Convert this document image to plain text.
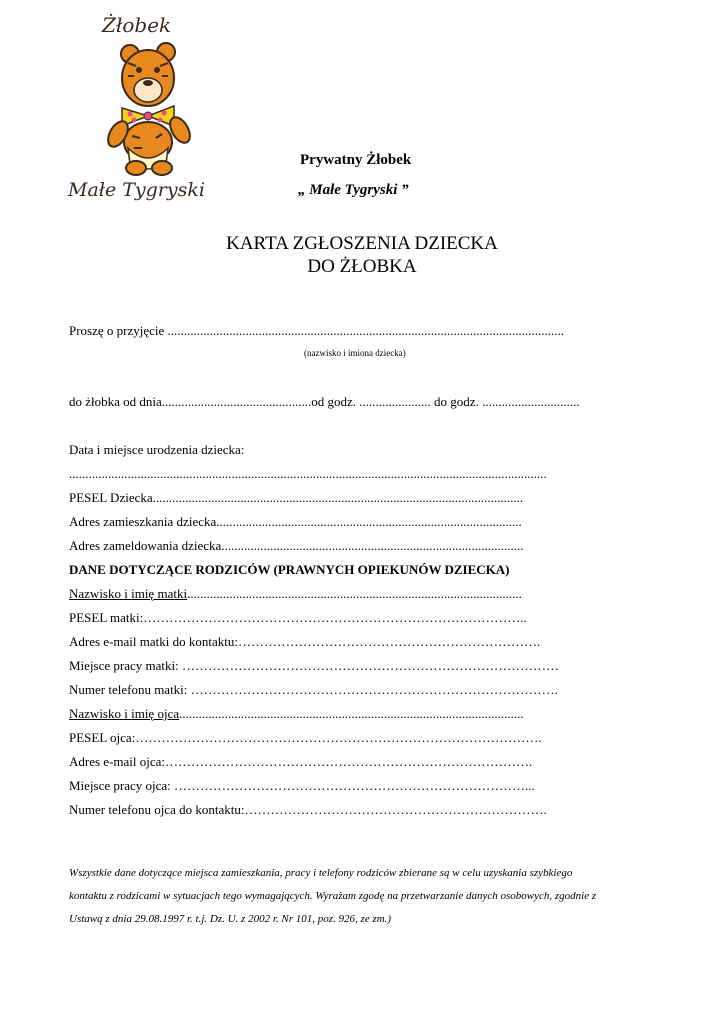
Żłobek
Małe Tygryski
Prywatny Żłobek
„ Małe Tygryski ”
KARTA ZGŁOSZENIA DZIECKA
DO ŻŁOBKA
Proszę o przyjęcie ..........................................................................................................................
(nazwisko i imiona dziecka)
do żłobka od dnia..............................................od godz. ...................... do godz. ..............................
Data i miejsce urodzenia dziecka:
...................................................................................................................................................
PESEL Dziecka..................................................................................................................
Adres zamieszkania dziecka..............................................................................................
Adres zameldowania dziecka.............................................................................................
DANE DOTYCZĄCE RODZICÓW (PRAWNYCH OPIEKUNÓW DZIECKA)
Nazwisko i imię matki.......................................................................................................
PESEL matki:……………………………………………………………………………..
Adres e-mail matki do kontaktu:…………………………………………………………….
Miejsce pracy matki: ……………………………………………………………………………
Numer telefonu matki: ………………………………………………………………………….
Nazwisko i imię ojca..........................................................................................................
PESEL ojca:………………………………………………………………………………….
Adres e-mail ojca:………………………………………………………………………….
Miejsce pracy ojca: ………………………………………………………………………...
Numer telefonu ojca do kontaktu:…………………………………………………………….
Wszystkie dane dotyczące miejsca zamieszkania, pracy i telefony rodziców zbierane są w celu uzyskania szybkiego
kontaktu z rodzicami w sytuacjach tego wymagających. Wyrażam zgodę na przetwarzanie danych osobowych, zgodnie z
Ustawą z dnia 29.08.1997 r. t.j. Dz. U. z 2002 r. Nr 101, poz. 926, ze zm.)
